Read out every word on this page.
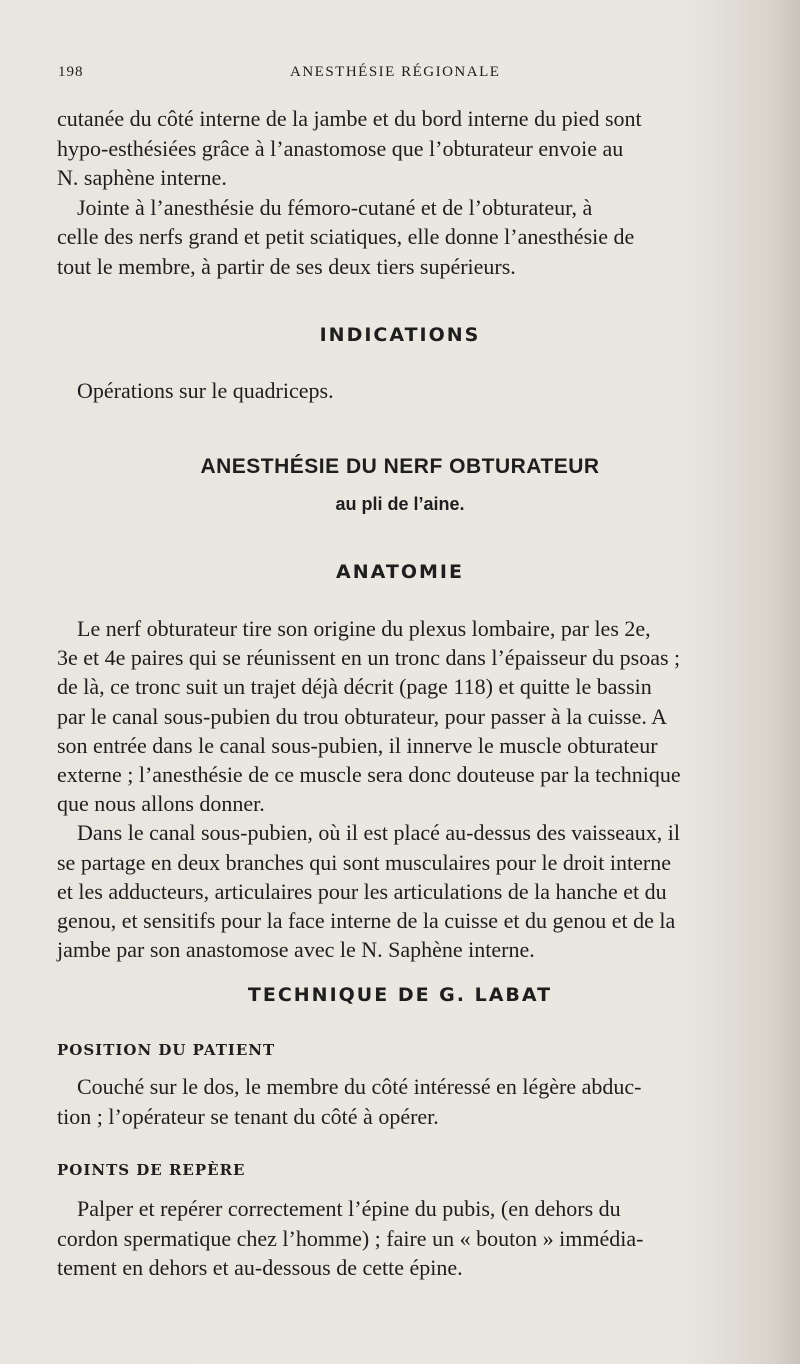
198	ANESTHÉSIE RÉGIONALE

cutanée du côté interne de la jambe et du bord interne du pied sont

hypo-esthésiées grâce à l’anastomose que l’obturateur envoie au

N. saphène interne.

Jointe à l’anesthésie du fémoro-cutané et de l’obturateur, à

celle des nerfs grand et petit sciatiques, elle donne l’anesthésie de

tout le membre, à partir de ses deux tiers supérieurs.

INDICATIONS
Opérations sur le quadriceps.
ANESTHÉSIE DU NERF OBTURATEUR
au pli de l’aine.
ANATOMIE

Le nerf obturateur tire son origine du plexus lombaire, par les 2e,

3e et 4e paires qui se réunissent en un tronc dans l’épaisseur du psoas ;

de là, ce tronc suit un trajet déjà décrit (page 118) et quitte le bassin

par le canal sous-pubien du trou obturateur, pour passer à la cuisse. A

son entrée dans le canal sous-pubien, il innerve le muscle obturateur

externe ; l’anesthésie de ce muscle sera donc douteuse par la technique

que nous allons donner.

Dans le canal sous-pubien, où il est placé au-dessus des vaisseaux, il

se partage en deux branches qui sont musculaires pour le droit interne

et les adducteurs, articulaires pour les articulations de la hanche et du

genou, et sensitifs pour la face interne de la cuisse et du genou et de la

jambe par son anastomose avec le N. Saphène interne.

TECHNIQUE DE G. LABAT
POSITION DU PATIENT

Couché sur le dos, le membre du côté intéressé en légère abduc-

tion ; l’opérateur se tenant du côté à opérer.

POINTS DE REPÈRE

Palper et repérer correctement l’épine du pubis, (en dehors du

cordon spermatique chez l’homme) ; faire un « bouton » immédia-

tement en dehors et au-dessous de cette épine.
